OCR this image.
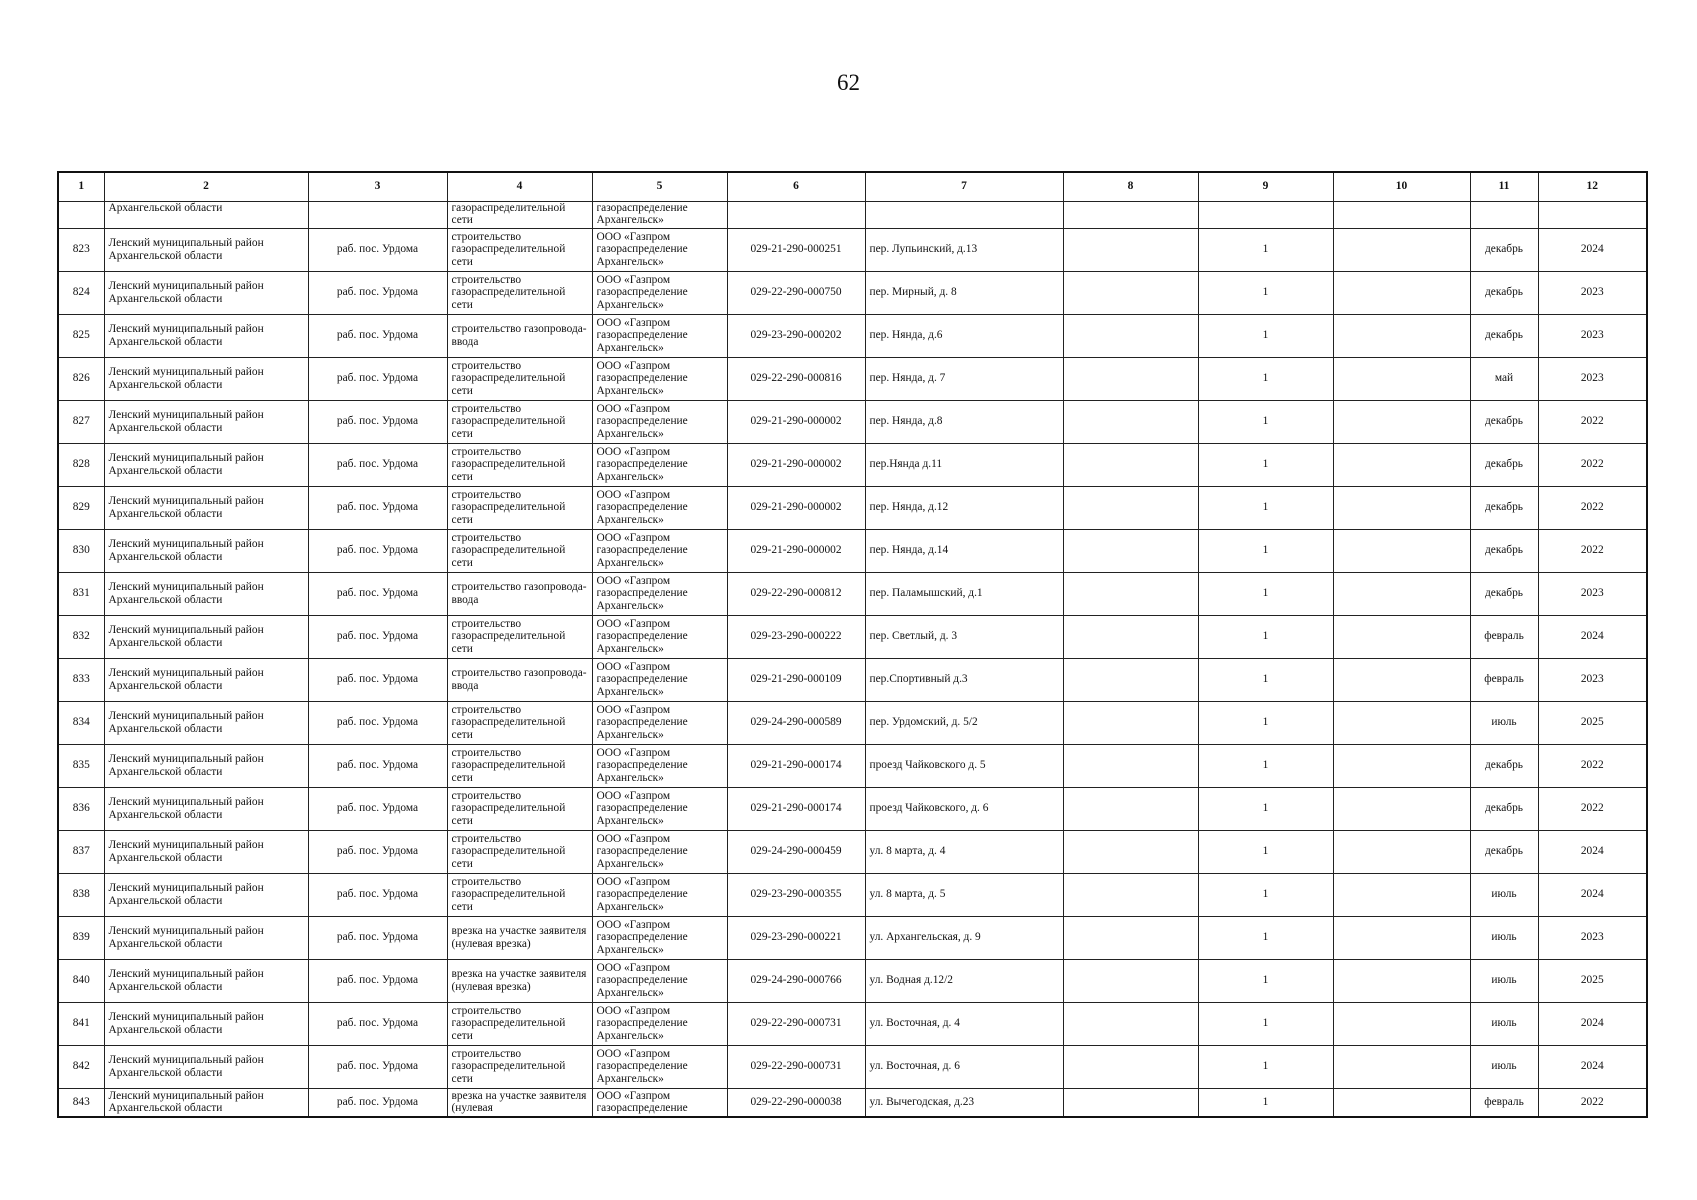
62
1	2	3	4	5	6	7	8	9	10	11	12
	Архангельской области		газораспределительной сети	газораспределение Архангельск»							

823	Ленский муниципальный район Архангельской области	раб. пос. Урдома	строительство газораспределительной сети	ООО «Газпром газораспределение Архангельск»	029-21-290-000251	пер. Лупьинский, д.13		1		декабрь	2024
824	Ленский муниципальный район Архангельской области	раб. пос. Урдома	строительство газораспределительной сети	ООО «Газпром газораспределение Архангельск»	029-22-290-000750	пер. Мирный, д. 8		1		декабрь	2023
825	Ленский муниципальный район Архангельской области	раб. пос. Урдома	строительство газопровода-ввода	ООО «Газпром газораспределение Архангельск»	029-23-290-000202	пер. Нянда, д.6		1		декабрь	2023
826	Ленский муниципальный район Архангельской области	раб. пос. Урдома	строительство газораспределительной сети	ООО «Газпром газораспределение Архангельск»	029-22-290-000816	пер. Нянда, д. 7		1		май	2023
827	Ленский муниципальный район Архангельской области	раб. пос. Урдома	строительство газораспределительной сети	ООО «Газпром газораспределение Архангельск»	029-21-290-000002	пер. Нянда, д.8		1		декабрь	2022
828	Ленский муниципальный район Архангельской области	раб. пос. Урдома	строительство газораспределительной сети	ООО «Газпром газораспределение Архангельск»	029-21-290-000002	пер.Нянда д.11		1		декабрь	2022
829	Ленский муниципальный район Архангельской области	раб. пос. Урдома	строительство газораспределительной сети	ООО «Газпром газораспределение Архангельск»	029-21-290-000002	пер. Нянда, д.12		1		декабрь	2022
830	Ленский муниципальный район Архангельской области	раб. пос. Урдома	строительство газораспределительной сети	ООО «Газпром газораспределение Архангельск»	029-21-290-000002	пер. Нянда, д.14		1		декабрь	2022
831	Ленский муниципальный район Архангельской области	раб. пос. Урдома	строительство газопровода-ввода	ООО «Газпром газораспределение Архангельск»	029-22-290-000812	пер. Паламышский, д.1		1		декабрь	2023
832	Ленский муниципальный район Архангельской области	раб. пос. Урдома	строительство газораспределительной сети	ООО «Газпром газораспределение Архангельск»	029-23-290-000222	пер. Светлый, д. 3		1		февраль	2024
833	Ленский муниципальный район Архангельской области	раб. пос. Урдома	строительство газопровода-ввода	ООО «Газпром газораспределение Архангельск»	029-21-290-000109	пер.Спортивный д.3		1		февраль	2023
834	Ленский муниципальный район Архангельской области	раб. пос. Урдома	строительство газораспределительной сети	ООО «Газпром газораспределение Архангельск»	029-24-290-000589	пер. Урдомский, д. 5/2		1		июль	2025
835	Ленский муниципальный район Архангельской области	раб. пос. Урдома	строительство газораспределительной сети	ООО «Газпром газораспределение Архангельск»	029-21-290-000174	проезд Чайковского д. 5		1		декабрь	2022
836	Ленский муниципальный район Архангельской области	раб. пос. Урдома	строительство газораспределительной сети	ООО «Газпром газораспределение Архангельск»	029-21-290-000174	проезд Чайковского, д. 6		1		декабрь	2022
837	Ленский муниципальный район Архангельской области	раб. пос. Урдома	строительство газораспределительной сети	ООО «Газпром газораспределение Архангельск»	029-24-290-000459	ул. 8 марта, д. 4		1		декабрь	2024
838	Ленский муниципальный район Архангельской области	раб. пос. Урдома	строительство газораспределительной сети	ООО «Газпром газораспределение Архангельск»	029-23-290-000355	ул. 8 марта, д. 5		1		июль	2024
839	Ленский муниципальный район Архангельской области	раб. пос. Урдома	врезка на участке заявителя (нулевая врезка)	ООО «Газпром газораспределение Архангельск»	029-23-290-000221	ул. Архангельская, д. 9		1		июль	2023
840	Ленский муниципальный район Архангельской области	раб. пос. Урдома	врезка на участке заявителя (нулевая врезка)	ООО «Газпром газораспределение Архангельск»	029-24-290-000766	ул. Водная д.12/2		1		июль	2025
841	Ленский муниципальный район Архангельской области	раб. пос. Урдома	строительство газораспределительной сети	ООО «Газпром газораспределение Архангельск»	029-22-290-000731	ул. Восточная, д. 4		1		июль	2024
842	Ленский муниципальный район Архангельской области	раб. пос. Урдома	строительство газораспределительной сети	ООО «Газпром газораспределение Архангельск»	029-22-290-000731	ул. Восточная, д. 6		1		июль	2024
843	Ленский муниципальный район Архангельской области	раб. пос. Урдома	врезка на участке заявителя (нулевая	ООО «Газпром газораспределение	029-22-290-000038	ул. Вычегодская, д.23		1		февраль	2022
